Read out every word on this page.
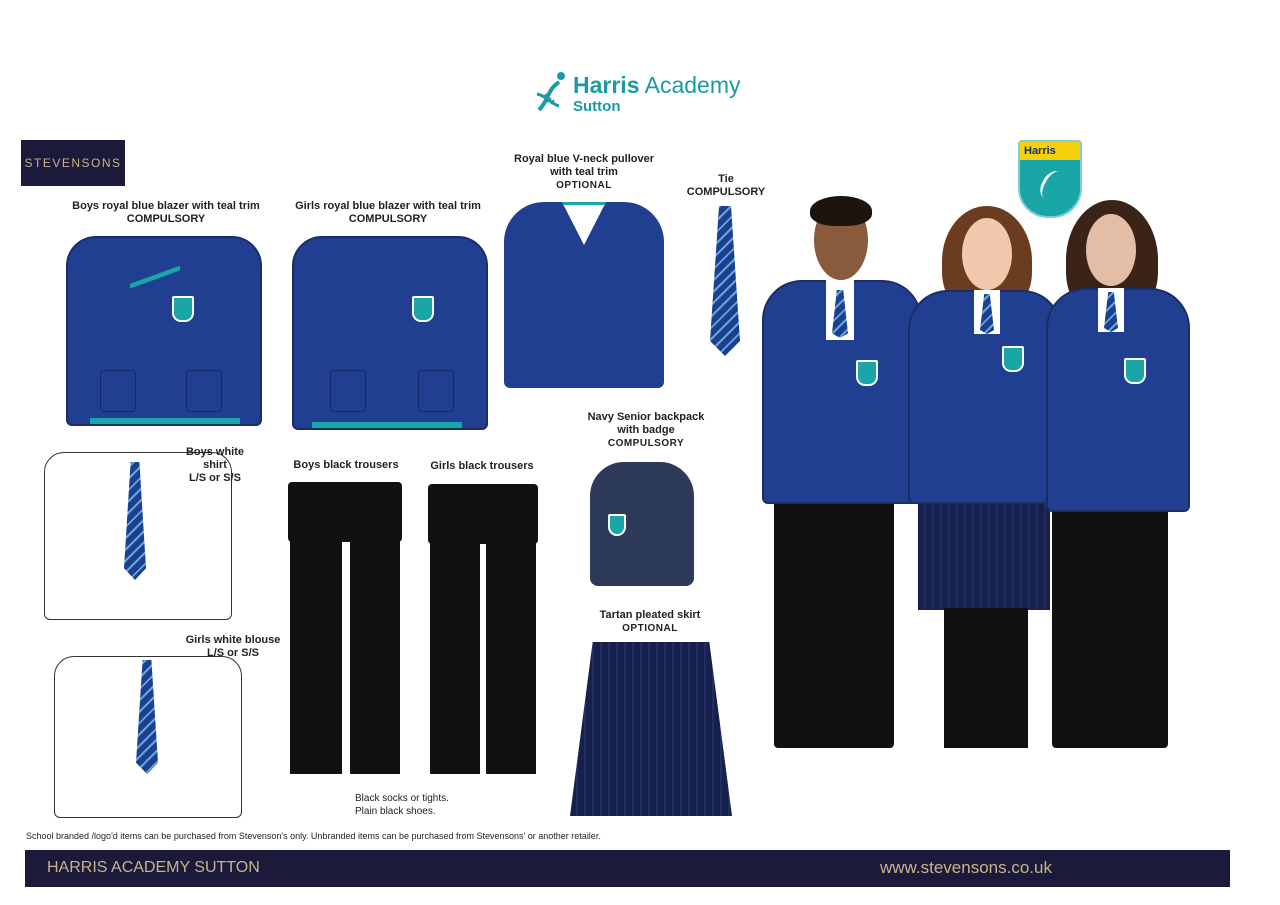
Harris Academy
Sutton
STEVENSONS
Harris
Boys royal blue blazer with teal trim
COMPULSORY
Girls royal blue blazer with teal trim
COMPULSORY
Royal blue V-neck pullover
with teal trim
OPTIONAL
Tie
COMPULSORY
Boys white shirt
L/S or S/S
Girls white blouse
L/S or S/S
Boys black trousers	Girls black trousers
Navy Senior backpack
with badge
COMPULSORY
Tartan pleated skirt
OPTIONAL
Black socks or tights.
Plain black shoes.
School branded /logo'd items can be purchased from Stevenson's only. Unbranded items can be purchased from Stevensons' or another retailer.
HARRIS ACADEMY SUTTON	www.stevensons.co.uk
